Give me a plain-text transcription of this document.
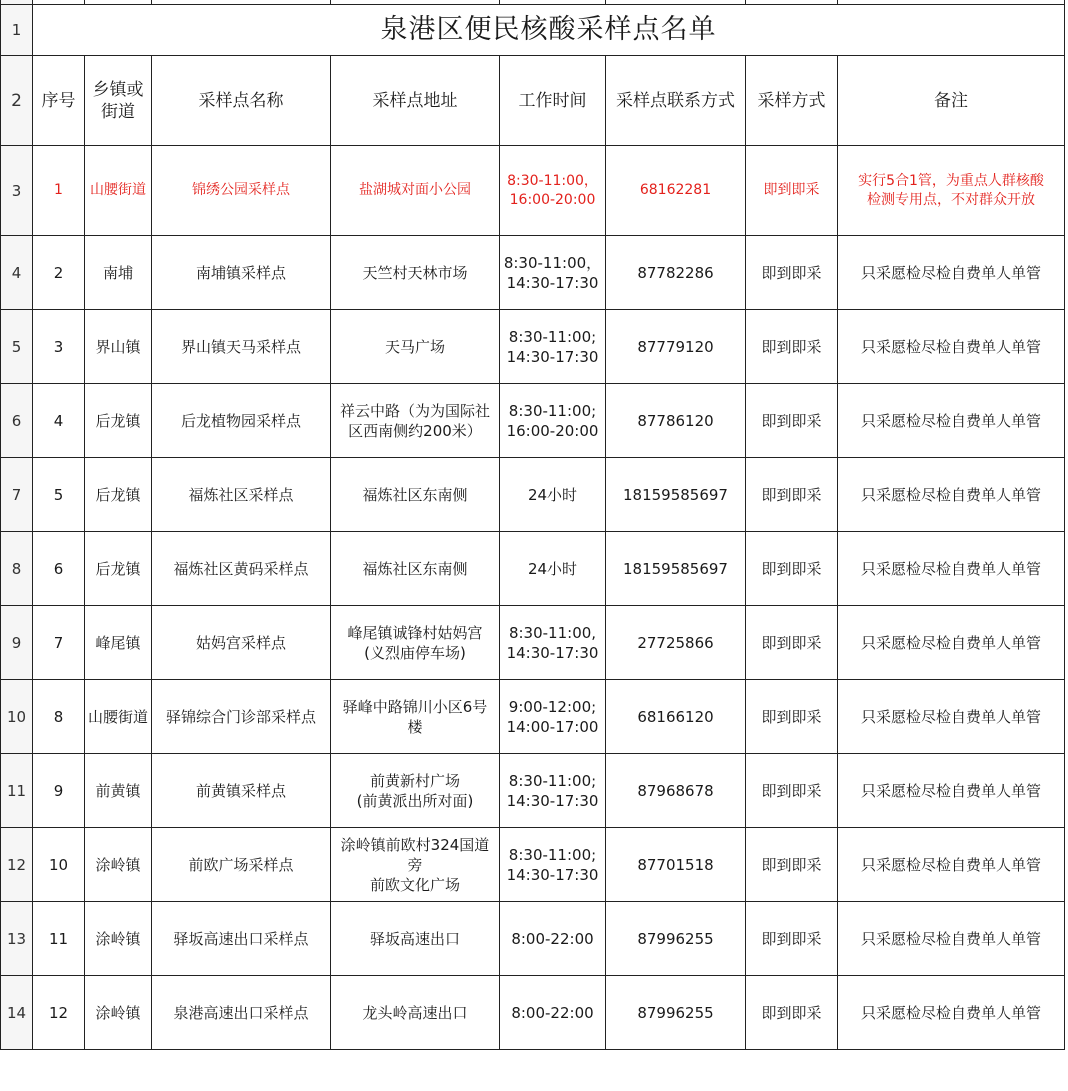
1	泉港区便民核酸采样点名单							
2	序号	乡镇或
街道	采样点名称	采样点地址	工作时间	采样点联系方式	采样方式	备注
3	1	山腰街道	锦绣公园采样点	盐湖城对面小公园	8:30-11:00，
16:00-20:00	68162281	即到即采	实行5合1管，为重点人群核酸
检测专用点，不对群众开放

4	2	南埔	南埔镇采样点	天竺村天林市场	8:30-11:00，
14:30-17:30	87782286	即到即采	只采愿检尽检自费单人单管

5	3	界山镇	界山镇天马采样点	天马广场	8:30-11:00;
14:30-17:30	87779120	即到即采	只采愿检尽检自费单人单管

6	4	后龙镇	后龙植物园采样点	祥云中路（为为国际社
区西南侧约200米）	8:30-11:00;
16:00-20:00	87786120	即到即采	只采愿检尽检自费单人单管

7	5	后龙镇	福炼社区采样点	福炼社区东南侧	24小时	18159585697	即到即采	只采愿检尽检自费单人单管

8	6	后龙镇	福炼社区黄码采样点	福炼社区东南侧	24小时	18159585697	即到即采	只采愿检尽检自费单人单管

9	7	峰尾镇	姑妈宫采样点	峰尾镇诚锋村姑妈宫
(义烈庙停车场)	8:30-11:00,
14:30-17:30	27725866	即到即采	只采愿检尽检自费单人单管

10	8	山腰街道	驿锦综合门诊部采样点	驿峰中路锦川小区6号
楼	9:00-12:00;
14:00-17:00	68166120	即到即采	只采愿检尽检自费单人单管

11	9	前黄镇	前黄镇采样点	前黄新村广场
(前黄派出所对面)	8:30-11:00;
14:30-17:30	87968678	即到即采	只采愿检尽检自费单人单管

12	10	涂岭镇	前欧广场采样点	涂岭镇前欧村324国道
旁
前欧文化广场	8:30-11:00;
14:30-17:30	87701518	即到即采	只采愿检尽检自费单人单管

13	11	涂岭镇	驿坂高速出口采样点	驿坂高速出口	8:00-22:00	87996255	即到即采	只采愿检尽检自费单人单管

14	12	涂岭镇	泉港高速出口采样点	龙头岭高速出口	8:00-22:00	87996255	即到即采	只采愿检尽检自费单人单管
